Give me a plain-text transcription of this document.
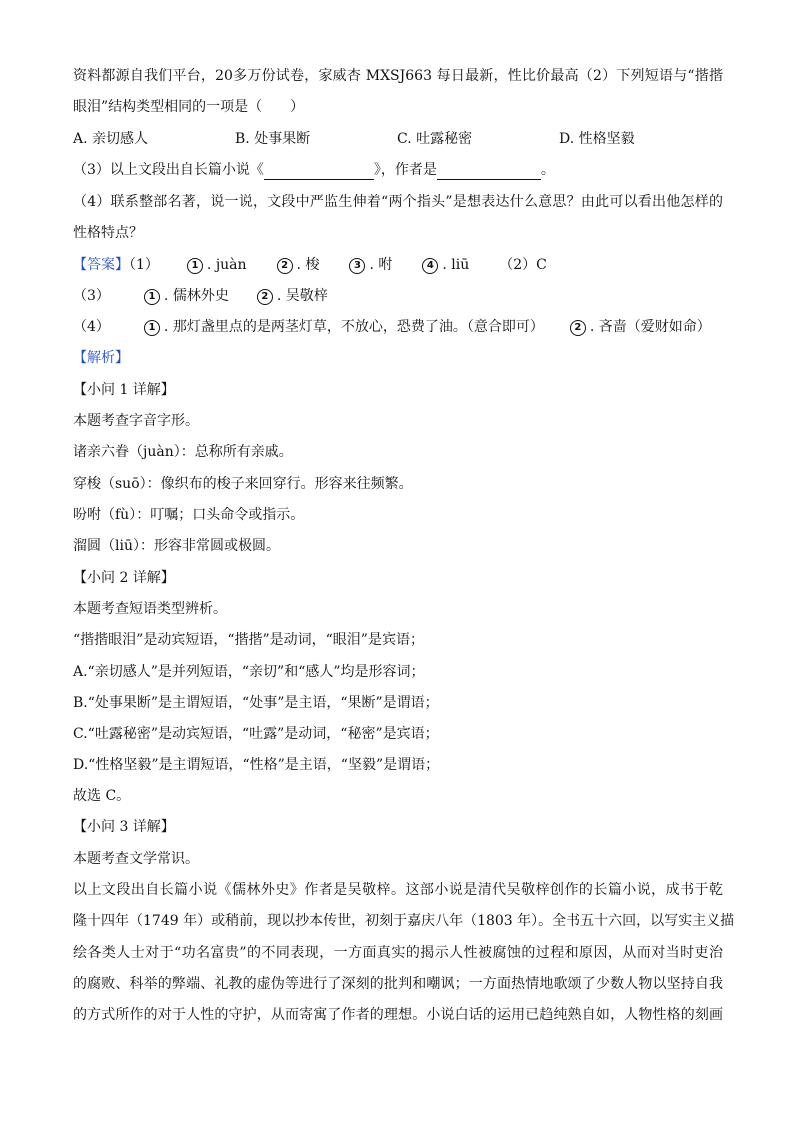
资料都源自我们平台，20多万份试卷，家威杏 MXSJ663 每日最新，性比价最高（2）下列短语与“揩揩
眼泪”结构类型相同的一项是（　　）
A. 亲切感人	B. 处事果断	C. 吐露秘密	D. 性格坚毅
（3）以上文段出自长篇小说《	》，作者是	。
（4）联系整部名著，说一说，文段中严监生伸着“两个指头”是想表达什么意思？由此可以看出他怎样的
性格特点？
【答案】（1）	1 . juàn	2 . 梭	3 . 咐	4 . liū （2）C
（3）	1 . 儒林外史	2 . 吴敬梓
（4）	1 . 那灯盏里点的是两茎灯草，不放心，恐费了油。（意合即可）	2 . 吝啬（爱财如命）
【解析】
【小问 1 详解】
本题考查字音字形。
诸亲六眷（juàn）：总称所有亲戚。
穿梭（suō）：像织布的梭子来回穿行。形容来往频繁。
吩咐（fù）：叮嘱；口头命令或指示。
溜圆（liū）：形容非常圆或极圆。
【小问 2 详解】
本题考查短语类型辨析。
“揩揩眼泪”是动宾短语，“揩揩”是动词，“眼泪”是宾语；
A.“亲切感人”是并列短语，“亲切”和“感人”均是形容词；
B.“处事果断”是主谓短语，“处事”是主语，“果断”是谓语；
C.“吐露秘密”是动宾短语，“吐露”是动词，“秘密”是宾语；
D.“性格坚毅”是主谓短语，“性格”是主语，“坚毅”是谓语；
故选 C。
【小问 3 详解】
本题考查文学常识。
以上文段出自长篇小说《儒林外史》作者是吴敬梓。这部小说是清代吴敬梓创作的长篇小说，成书于乾
隆十四年（1749 年）或稍前，现以抄本传世，初刻于嘉庆八年（1803 年）。全书五十六回，以写实主义描
绘各类人士对于“功名富贵”的不同表现，一方面真实的揭示人性被腐蚀的过程和原因，从而对当时吏治
的腐败、科举的弊端、礼教的虚伪等进行了深刻的批判和嘲讽；一方面热情地歌颂了少数人物以坚持自我
的方式所作的对于人性的守护，从而寄寓了作者的理想。小说白话的运用已趋纯熟自如，人物性格的刻画
